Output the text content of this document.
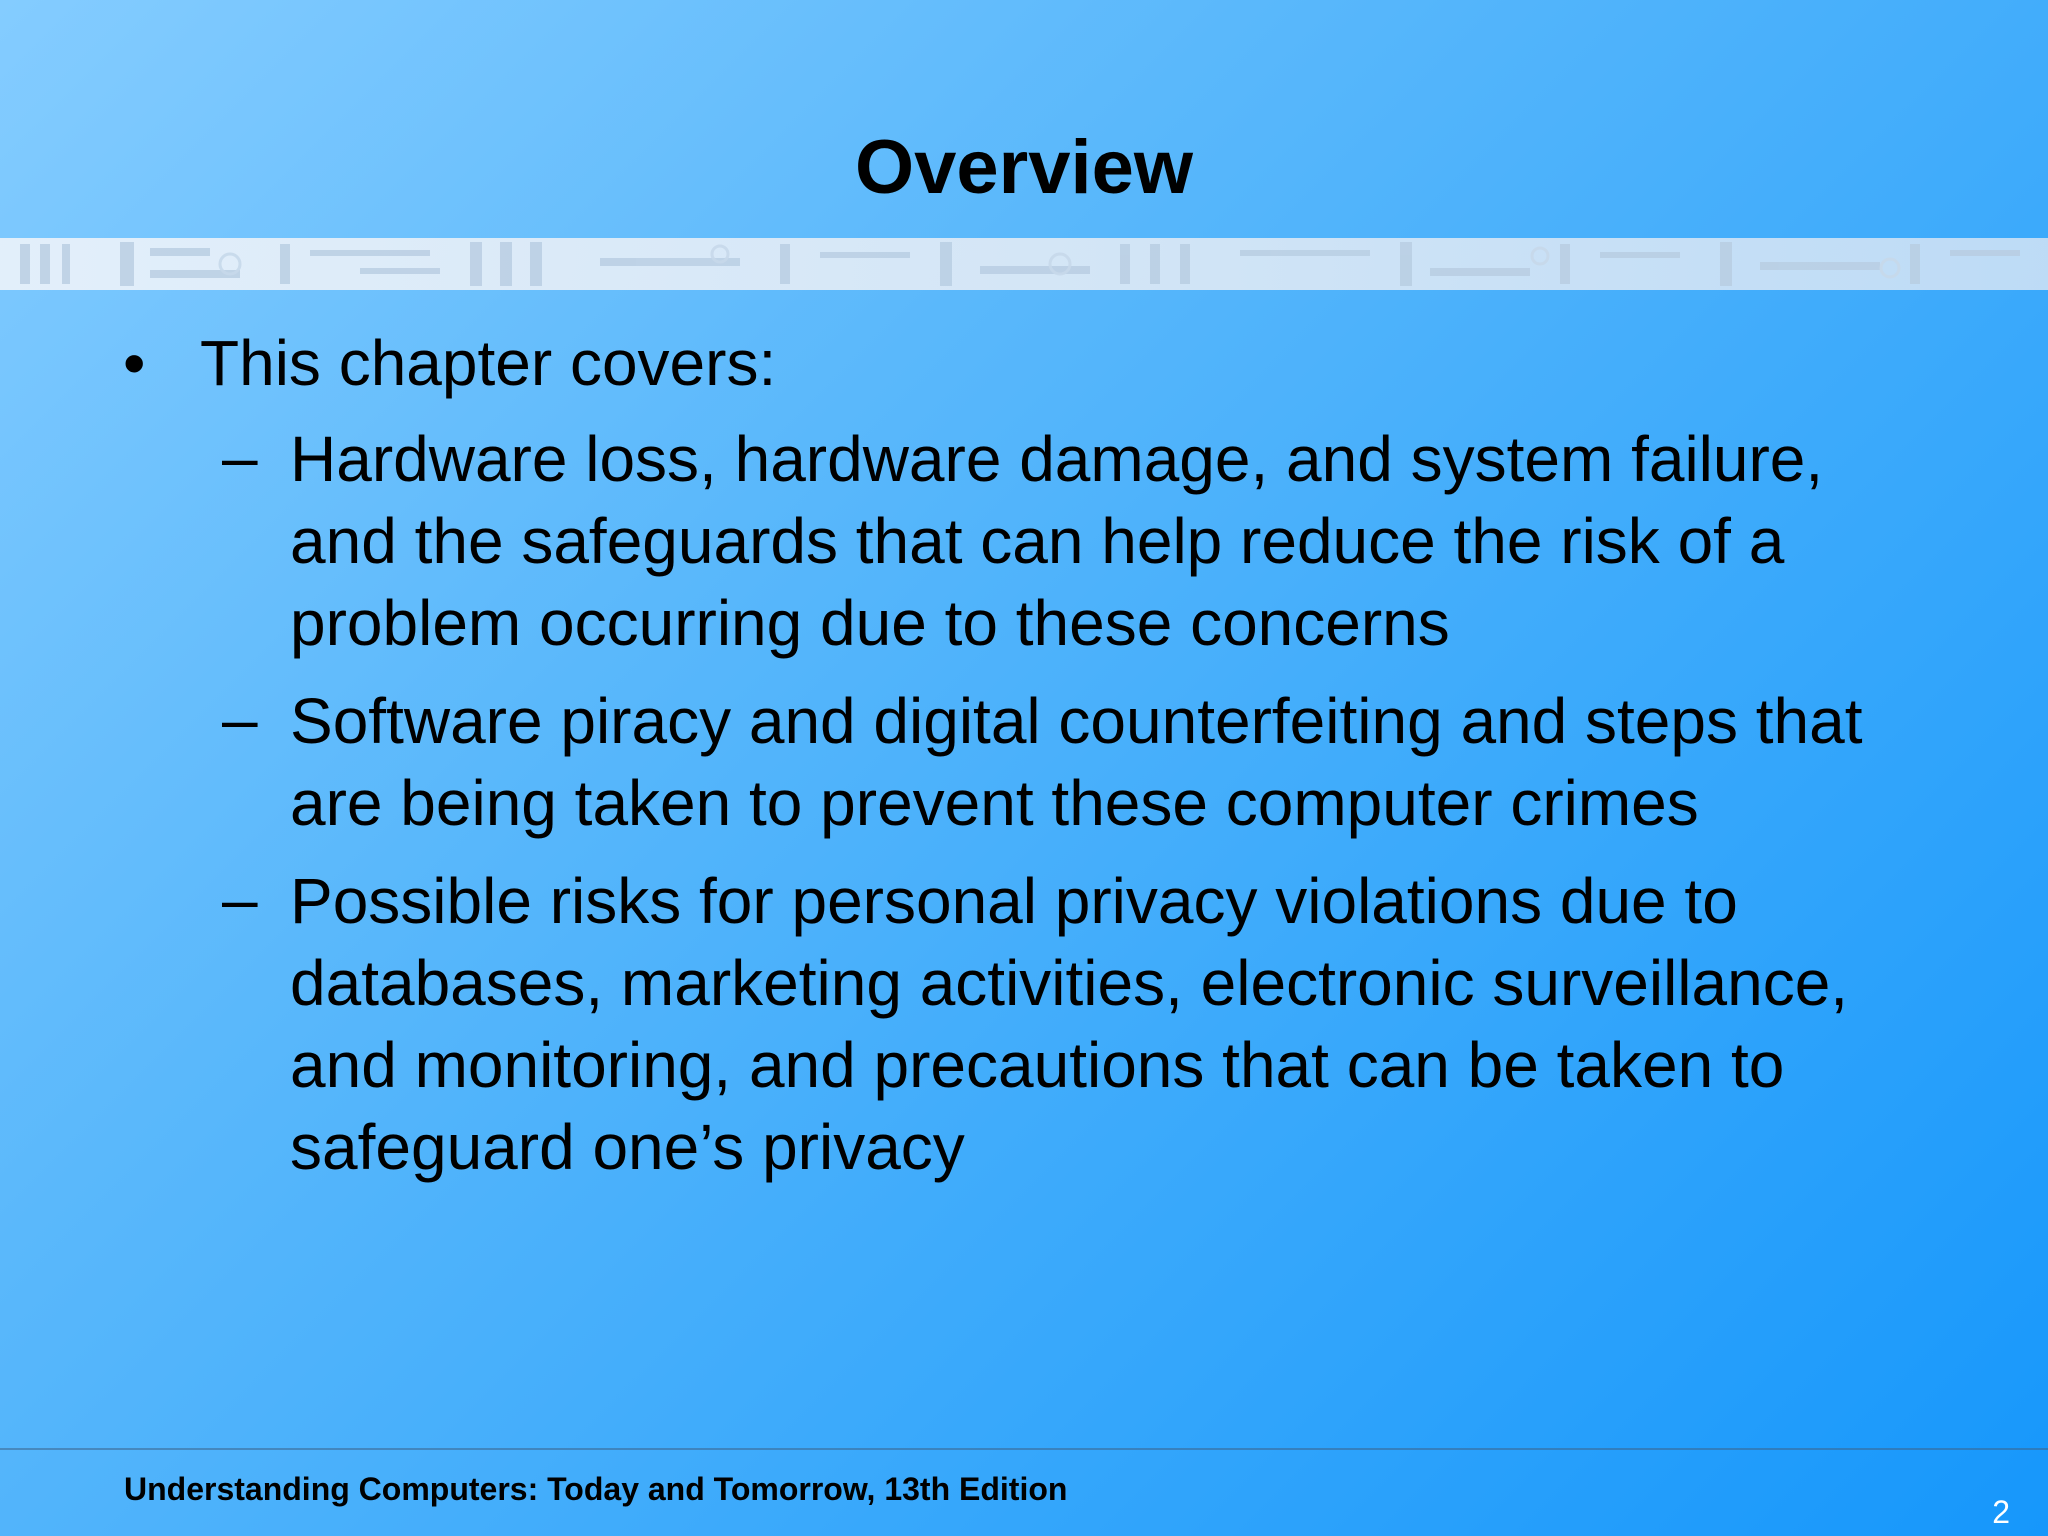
Overview
• This chapter covers:
– Hardware loss, hardware damage, and system failure, and the safeguards that can help reduce the risk of a problem occurring due to these concerns
– Software piracy and digital counterfeiting and steps that are being taken to prevent these computer crimes
– Possible risks for personal privacy violations due to databases, marketing activities, electronic surveillance, and monitoring, and precautions that can be taken to safeguard one’s privacy
Understanding Computers: Today and Tomorrow, 13th Edition
2
